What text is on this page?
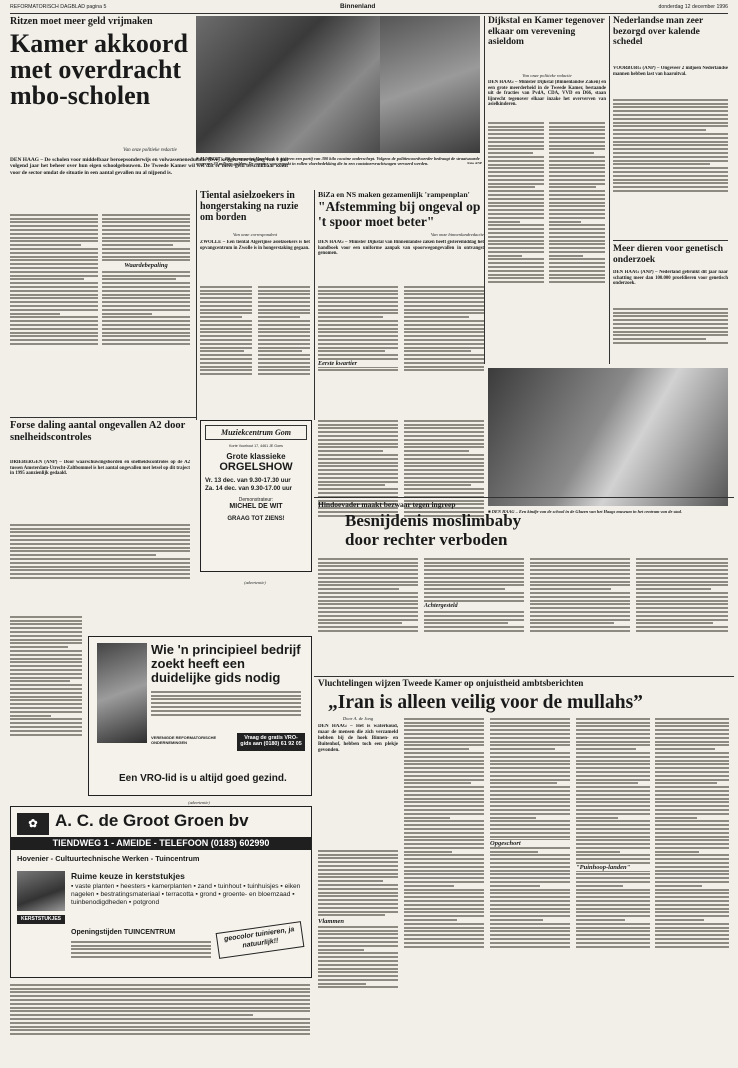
REFORMATORISCH DAGBLAD pagina 5	Binnenland	donderdag 12 december 1996
Ritzen moet meer geld vrijmaken
Kamer akkoord
met overdracht
mbo-scholen
Van onze politieke redactie
DEN HAAG – De scholen voor middelbaar beroepsonderwijs en volwasseneneducatie (bve) krijgen met ingang van 1 juli volgend jaar het beheer over hun eigen schoolgebouwen. De Tweede Kamer wil wel dat er meer geld beschikbaar komt voor de sector omdat de situatie in een aantal gevallen nu al nijpend is.
Waardebepaling
■ ZUNDERT – Bij de prenspoot Hazeldonk is gisteren een partij van 300 kilo cocaïne onderschept. Volgens de politiewoordvoerder bedraagt de straatwaarde ongeveer 30 miljoen gulden. De cocaïne was verpakt in rollen vloerbedekking die in een containervrachtwagen vervoerd werden.	Foto ANP
Dijkstal en Kamer tegenover elkaar om verevening asieldom
Van onze politieke redactie
DEN HAAG – Minister Dijkstal (Binnenlandse Zaken) en een grote meerderheid in de Tweede Kamer, bestaande uit de fracties van PvdA, CDA, VVD en D66, staan lijnrecht tegenover elkaar inzake het oververven van asielkinderen.
Nederlandse man zeer bezorgd over kalende schedel
VOORBURG (ANP) – Ongeveer 2 miljoen Nederlandse mannen hebben last van haaruitval.
Meer dieren voor genetisch onderzoek
DEN HAAG (ANP) – Nederland gebruikt dit jaar naar schatting meer dan 100.000 proefdieren voor genetisch onderzoek.
■ DEN HAAG – Een kindje van de school in de Glazen van het Haags museum in het centrum van de stad.
Forse daling aantal ongevallen A2 door snelheidscontroles
DRIEBERGEN (ANP) – Door waarschuwingsborden en snelheidscontroles op de A2 tussen Amsterdam-Utrecht-Zaltbommel is het aantal ongevallen met letsel op dit traject in 1995 aanzienlijk gedaald.
Tiental asielzoekers in hongerstaking na ruzie om borden
Van onze correspondent
ZWOLLE – Een tiental Algerijnse asielzoekers is het opvangcentrum in Zwolle is in hongerstaking gegaan.
BiZa en NS maken gezamenlijk 'rampenplan'
"Afstemming bij ongeval op 't spoor moet beter"
Van onze binnenlandredactie
DEN HAAG – Minister Dijkstal van Binnenlandse zaken heeft gisteremiddag het handboek voor een uniforme aanpak van spoorwegongevallen in ontvangst genomen.
Eerste kwartier
Muziekcentrum Gom
Korte Voorhout 17, 4461 JE Goes
Grote klassieke
ORGELSHOW
Vr. 13 dec. van 9.30-17.30 uur
Za. 14 dec. van 9.30-17.00 uur
Demonstrateur:
MICHEL DE WIT
GRAAG TOT ZIENS!
(advertentie)
Hindoevader maakt bezwaar tegen ingreep
Besnijdenis moslimbaby
door rechter verboden
Achtergesteld
Wie 'n principieel bedrijf
zoekt heeft een
duidelijke gids nodig
VERENIGDE REFORMATORISCHE ONDERNEMINGEN
Vraag de gratis VRO-gids aan (0180) 61 92 05
Een VRO-lid is u altijd goed gezind.
(advertentie)
Vluchtelingen wijzen Tweede Kamer op onjuistheid ambtsberichten
„Iran is alleen veilig voor de mullahs”
Door A. de Jong
DEN HAAG – Het is waterkoud, maar de mensen die zich verzameld hebben bij de hoek Binnen- en Buitenhof, hebben toch een plekje gevonden.
Vlammen
Opgeschort
"Puinhoop-landen"
✿	A. C. de Groot Groen bv
TIENDWEG 1 - AMEIDE - TELEFOON (0183) 602990
Hovenier - Cultuurtechnische Werken - Tuincentrum
Ruime keuze in kerststukjes
▪ vaste planten ▪ heesters ▪ kamerplanten ▪ zand ▪ tuinhout ▪ tuinhuisjes ▪ eiken nagelen ▪ bestratingsmateriaal ▪ terracotta ▪ grond ▪ groente- en bloemzaad ▪ tuinbenodigdheden ▪ potgrond
KERSTSTUKJES
Openingstijden TUINCENTRUM	geocolor tuinieren, ja natuurlijk!!
